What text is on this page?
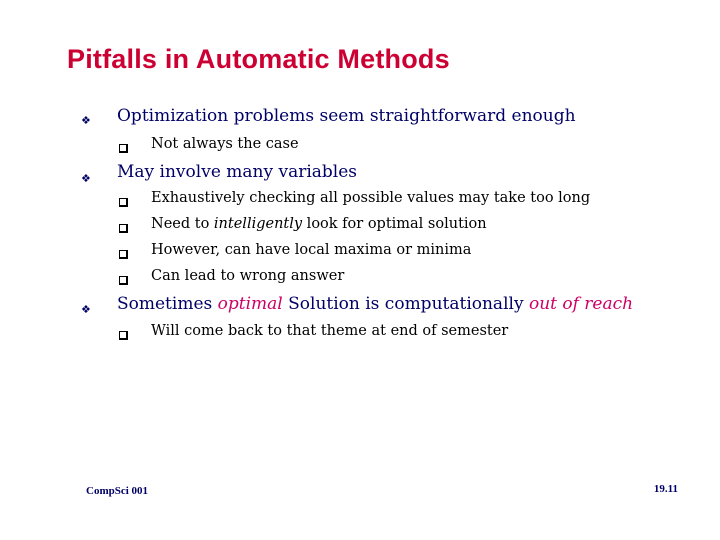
Pitfalls in Automatic Methods
❖ Optimization problems seem straightforward enough
Not always the case
❖ May involve many variables
Exhaustively checking all possible values may take too long
Need to intelligently look for optimal solution
However, can have local maxima or minima
Can lead to wrong answer
❖ Sometimes optimal Solution is computationally out of reach
Will come back to that theme at end of semester
CompSci 001	19.11
